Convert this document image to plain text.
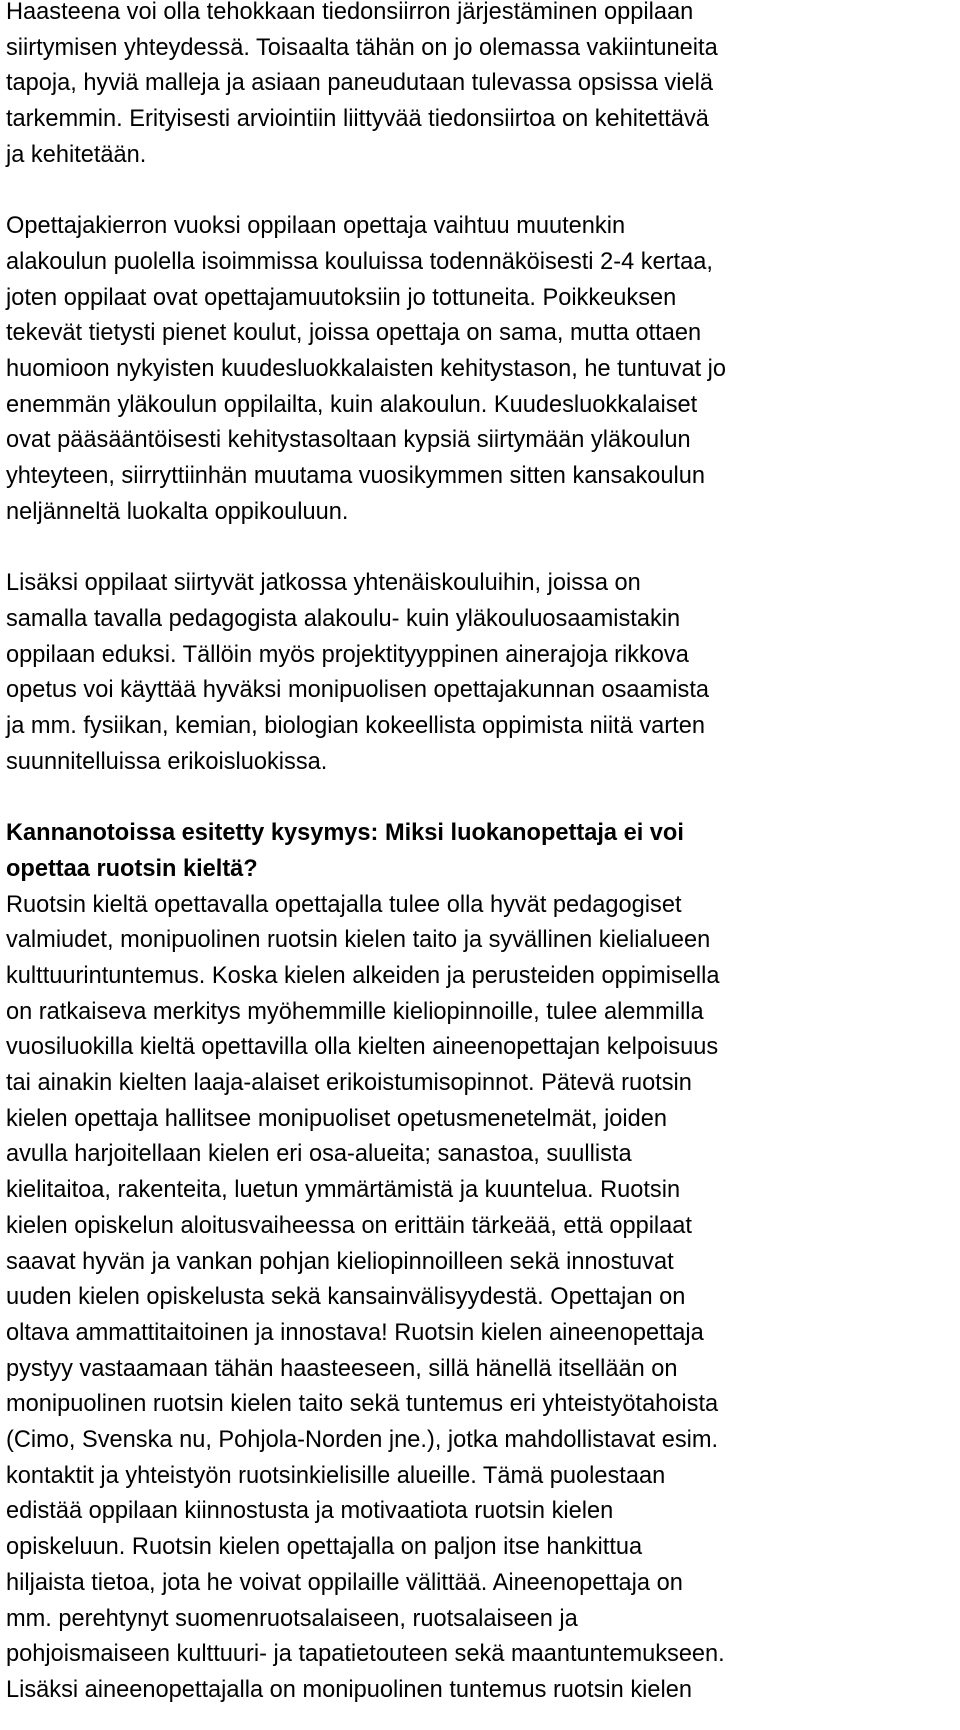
Haasteena voi olla tehokkaan tiedonsiirron järjestäminen oppilaan
siirtymisen yhteydessä. Toisaalta tähän on jo olemassa vakiintuneita
tapoja, hyviä malleja ja asiaan paneudutaan tulevassa opsissa vielä
tarkemmin. Erityisesti arviointiin liittyvää tiedonsiirtoa on kehitettävä
ja kehitetään.
Opettajakierron vuoksi oppilaan opettaja vaihtuu muutenkin
alakoulun puolella isoimmissa kouluissa todennäköisesti 2-4 kertaa,
joten oppilaat ovat opettajamuutoksiin jo tottuneita. Poikkeuksen
tekevät tietysti pienet koulut, joissa opettaja on sama, mutta ottaen
huomioon nykyisten kuudesluokkalaisten kehitystason, he tuntuvat jo
enemmän yläkoulun oppilailta, kuin alakoulun. Kuudesluokkalaiset
ovat pääsääntöisesti kehitystasoltaan kypsiä siirtymään yläkoulun
yhteyteen, siirryttiinhän muutama vuosikymmen sitten kansakoulun
neljänneltä luokalta oppikouluun.
Lisäksi oppilaat siirtyvät jatkossa yhtenäiskouluihin, joissa on
samalla tavalla pedagogista alakoulu- kuin yläkouluosaamistakin
oppilaan eduksi. Tällöin myös projektityyppinen ainerajoja rikkova
opetus voi käyttää hyväksi monipuolisen opettajakunnan osaamista
ja mm. fysiikan, kemian, biologian kokeellista oppimista niitä varten
suunnitelluissa erikoisluokissa.
Kannanotoissa esitetty kysymys: Miksi luokanopettaja ei voi
opettaa ruotsin kieltä?
Ruotsin kieltä opettavalla opettajalla tulee olla hyvät pedagogiset
valmiudet, monipuolinen ruotsin kielen taito ja syvällinen kielialueen
kulttuurintuntemus. Koska kielen alkeiden ja perusteiden oppimisella
on ratkaiseva merkitys myöhemmille kieliopinnoille, tulee alemmilla
vuosiluokilla kieltä opettavilla olla kielten aineenopettajan kelpoisuus
tai ainakin kielten laaja-alaiset erikoistumisopinnot. Pätevä ruotsin
kielen opettaja hallitsee monipuoliset opetusmenetelmät, joiden
avulla harjoitellaan kielen eri osa-alueita; sanastoa, suullista
kielitaitoa, rakenteita, luetun ymmärtämistä ja kuuntelua. Ruotsin
kielen opiskelun aloitusvaiheessa on erittäin tärkeää, että oppilaat
saavat hyvän ja vankan pohjan kieliopinnoilleen sekä innostuvat
uuden kielen opiskelusta sekä kansainvälisyydestä. Opettajan on
oltava ammattitaitoinen ja innostava! Ruotsin kielen aineenopettaja
pystyy vastaamaan tähän haasteeseen, sillä hänellä itsellään on
monipuolinen ruotsin kielen taito sekä tuntemus eri yhteistyötahoista
(Cimo, Svenska nu, Pohjola-Norden jne.), jotka mahdollistavat esim.
kontaktit ja yhteistyön ruotsinkielisille alueille. Tämä puolestaan
edistää oppilaan kiinnostusta ja motivaatiota ruotsin kielen
opiskeluun. Ruotsin kielen opettajalla on paljon itse hankittua
hiljaista tietoa, jota he voivat oppilaille välittää. Aineenopettaja on
mm. perehtynyt suomenruotsalaiseen, ruotsalaiseen ja
pohjoismaiseen kulttuuri- ja tapatietouteen sekä maantuntemukseen.
Lisäksi aineenopettajalla on monipuolinen tuntemus ruotsin kielen
